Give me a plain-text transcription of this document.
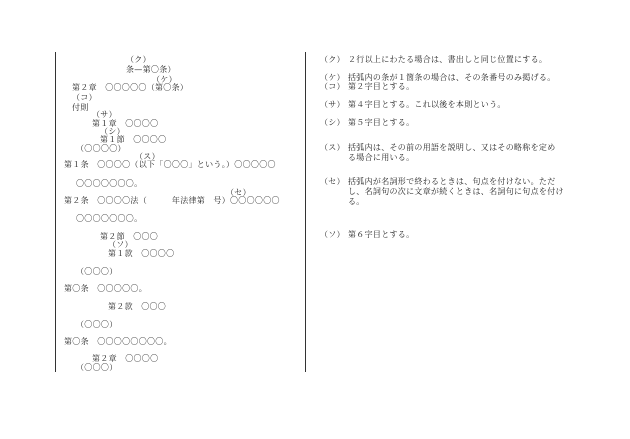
（ク）
条—第〇条）
（ケ）
第２章　〇〇〇〇〇（第〇条）
（コ）
付則
（サ）
第１章　〇〇〇〇
（シ）
第１節　〇〇〇〇
（〇〇〇〇）
（ス）
第１条　〇〇〇〇（以下「〇〇〇」という。）〇〇〇〇〇
〇〇〇〇〇〇〇。
（セ）
第２条　〇〇〇〇法（　　　年法律第　号）〇〇〇〇〇〇
〇〇〇〇〇〇〇。
第２節　〇〇〇
（ソ）
第１款　〇〇〇〇
（〇〇〇）
第〇条　〇〇〇〇〇。
第２款　〇〇〇
（〇〇〇）
第〇条　〇〇〇〇〇〇〇〇。
第２章　〇〇〇〇
（〇〇〇）
（ク） ２行以上にわたる場合は、書出しと同じ位置にする。
（ケ） 括弧内の条が１箇条の場合は、その条番号のみ掲げる。
（コ） 第２字目とする。
（サ） 第４字目とする。これ以後を本則という。
（シ） 第５字目とする。
（ス） 括弧内は、その前の用語を説明し、又はその略称を定め
る場合に用いる。
（セ） 括弧内が名詞形で終わるときは、句点を付けない。ただ
し、名詞句の次に文章が続くときは、名詞句に句点を付け
る。
（ソ） 第６字目とする。
